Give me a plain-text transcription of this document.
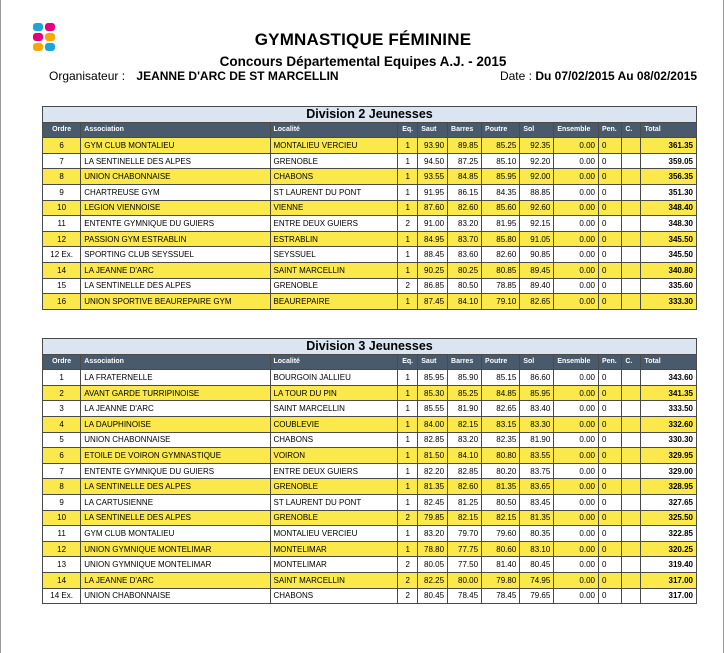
GYMNASTIQUE FÉMININE
Concours Départemental Equipes A.J. - 2015
Organisateur : JEANNE D'ARC DE ST MARCELLIN	Date : Du 07/02/2015 Au 08/02/2015
Division 2 Jeunesses											
Ordre	Association	Localité	Eq.	Saut	Barres	Poutre	Sol	Ensemble	Pen.	C.	Total
6	GYM CLUB MONTALIEU	MONTALIEU VERCIEU	1	93.90	89.85	85.25	92.35	0.00	0		361.35
7	LA SENTINELLE DES ALPES	GRENOBLE	1	94.50	87.25	85.10	92.20	0.00	0		359.05
8	UNION CHABONNAISE	CHABONS	1	93.55	84.85	85.95	92.00	0.00	0		356.35
9	CHARTREUSE GYM	ST LAURENT DU PONT	1	91.95	86.15	84.35	88.85	0.00	0		351.30
10	LEGION VIENNOISE	VIENNE	1	87.60	82.60	85.60	92.60	0.00	0		348.40
11	ENTENTE GYMNIQUE DU GUIERS	ENTRE DEUX GUIERS	2	91.00	83.20	81.95	92.15	0.00	0		348.30
12	PASSION GYM ESTRABLIN	ESTRABLIN	1	84.95	83.70	85.80	91.05	0.00	0		345.50
12 Ex.	SPORTING CLUB SEYSSUEL	SEYSSUEL	1	88.45	83.60	82.60	90.85	0.00	0		345.50
14	LA JEANNE D'ARC	SAINT MARCELLIN	1	90.25	80.25	80.85	89.45	0.00	0		340.80
15	LA SENTINELLE DES ALPES	GRENOBLE	2	86.85	80.50	78.85	89.40	0.00	0		335.60
16	UNION SPORTIVE BEAUREPAIRE GYM	BEAUREPAIRE	1	87.45	84.10	79.10	82.65	0.00	0		333.30
Division 3 Jeunesses											
Ordre	Association	Localité	Eq.	Saut	Barres	Poutre	Sol	Ensemble	Pen.	C.	Total
1	LA FRATERNELLE	BOURGOIN JALLIEU	1	85.95	85.90	85.15	86.60	0.00	0		343.60
2	AVANT GARDE TURRIPINOISE	LA TOUR DU PIN	1	85.30	85.25	84.85	85.95	0.00	0		341.35
3	LA JEANNE D'ARC	SAINT MARCELLIN	1	85.55	81.90	82.65	83.40	0.00	0		333.50
4	LA DAUPHINOISE	COUBLEVIE	1	84.00	82.15	83.15	83.30	0.00	0		332.60
5	UNION CHABONNAISE	CHABONS	1	82.85	83.20	82.35	81.90	0.00	0		330.30
6	ETOILE DE VOIRON GYMNASTIQUE	VOIRON	1	81.50	84.10	80.80	83.55	0.00	0		329.95
7	ENTENTE GYMNIQUE DU GUIERS	ENTRE DEUX GUIERS	1	82.20	82.85	80.20	83.75	0.00	0		329.00
8	LA SENTINELLE DES ALPES	GRENOBLE	1	81.35	82.60	81.35	83.65	0.00	0		328.95
9	LA CARTUSIENNE	ST LAURENT DU PONT	1	82.45	81.25	80.50	83.45	0.00	0		327.65
10	LA SENTINELLE DES ALPES	GRENOBLE	2	79.85	82.15	82.15	81.35	0.00	0		325.50
11	GYM CLUB MONTALIEU	MONTALIEU VERCIEU	1	83.20	79.70	79.60	80.35	0.00	0		322.85
12	UNION GYMNIQUE MONTELIMAR	MONTELIMAR	1	78.80	77.75	80.60	83.10	0.00	0		320.25
13	UNION GYMNIQUE MONTELIMAR	MONTELIMAR	2	80.05	77.50	81.40	80.45	0.00	0		319.40
14	LA JEANNE D'ARC	SAINT MARCELLIN	2	82.25	80.00	79.80	74.95	0.00	0		317.00
14 Ex.	UNION CHABONNAISE	CHABONS	2	80.45	78.45	78.45	79.65	0.00	0		317.00
